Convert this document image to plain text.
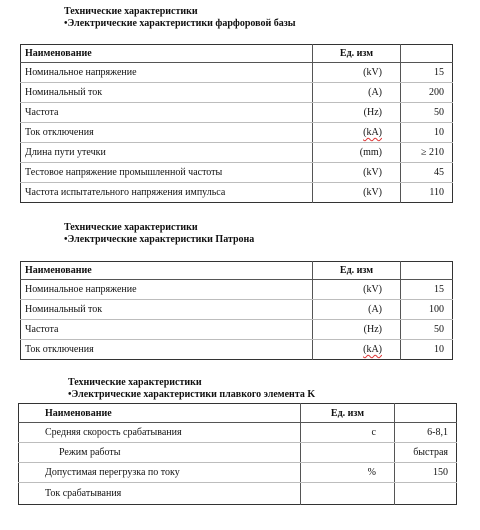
Технические характеристики
•Электрические характеристики фарфоровой базы
Наименование	Ед. изм	
Номинальное напряжение	(kV)	15
Номинальный ток	(A)	200
Частота	(Hz)	50
Ток отключения	(kA)	10
Длина пути утечки	(mm)	≥ 210
Тестовое напряжение промышленной частоты	(kV)	45
Частота испытательного напряжения импульса	(kV)	110
Технические характеристики
•Электрические характеристики Патрона
Наименование	Ед. изм	
Номинальное напряжение	(kV)	15
Номинальный ток	(A)	100
Частота	(Hz)	50
Ток отключения	(kA)	10
Технические характеристики
•Электрические характеристики плавкого элемента K
Наименование	Ед. изм	
Средняя скорость срабатывания	с	6-8,1
Режим работы		быстрая
Допустимая перегрузка по току	%	150
Ток срабатывания		
